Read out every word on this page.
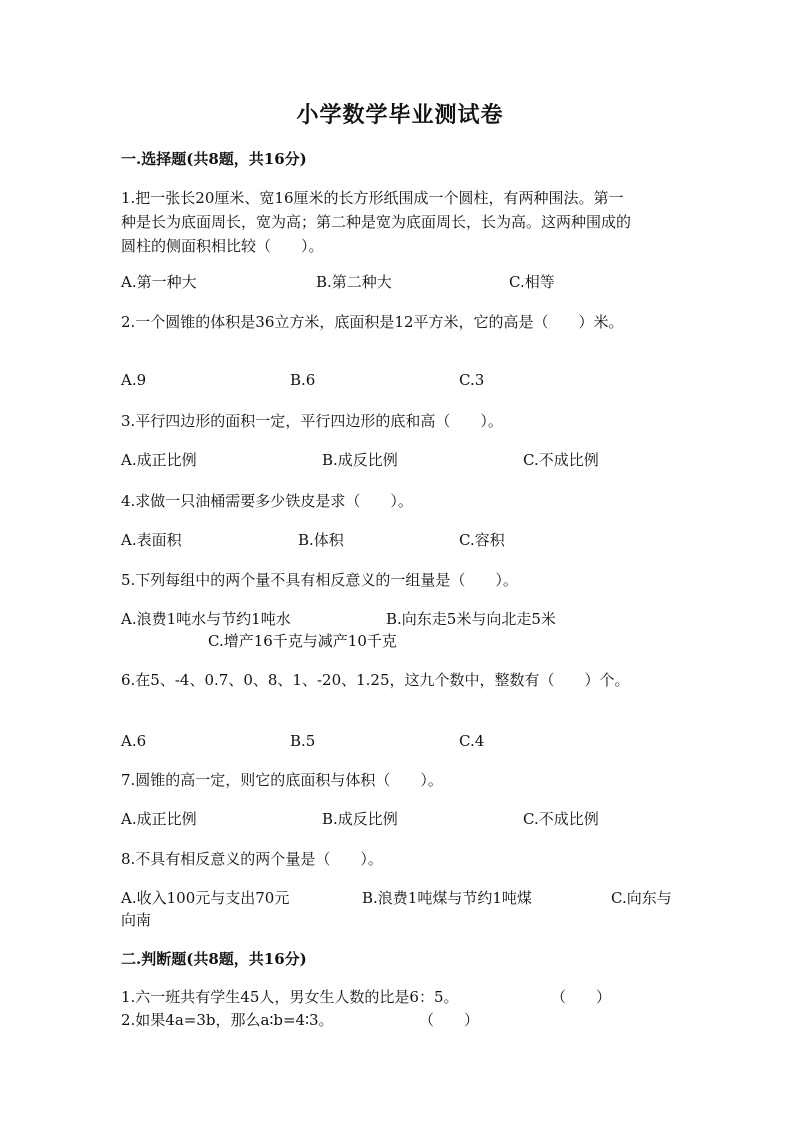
小学数学毕业测试卷
一.选择题(共8题，共16分)
1.把一张长20厘米、宽16厘米的长方形纸围成一个圆柱，有两种围法。第一
种是长为底面周长，宽为高；第二种是宽为底面周长，长为高。这两种围成的
圆柱的侧面积相比较（　　）。
A.第一种大	B.第二种大	C.相等
2.一个圆锥的体积是36立方米，底面积是12平方米，它的高是（　　）米。
A.9	B.6	C.3
3.平行四边形的面积一定，平行四边形的底和高（　　）。
A.成正比例	B.成反比例	C.不成比例
4.求做一只油桶需要多少铁皮是求（　　）。
A.表面积	B.体积	C.容积
5.下列每组中的两个量不具有相反意义的一组量是（　　）。
A.浪费1吨水与节约1吨水	B.向东走5米与向北走5米
C.增产16千克与减产10千克
6.在5、-4、0.7、0、8、1、-20、1.25，这九个数中，整数有（　　）个。
A.6	B.5	C.4
7.圆锥的高一定，则它的底面积与体积（　　）。
A.成正比例	B.成反比例	C.不成比例
8.不具有相反意义的两个量是（　　）。
A.收入100元与支出70元	B.浪费1吨煤与节约1吨煤	C.向东与
向南
二.判断题(共8题，共16分)
1.六一班共有学生45人，男女生人数的比是6：5。	（　　）
2.如果4a=3b，那么a∶b=4∶3。	（　　）
